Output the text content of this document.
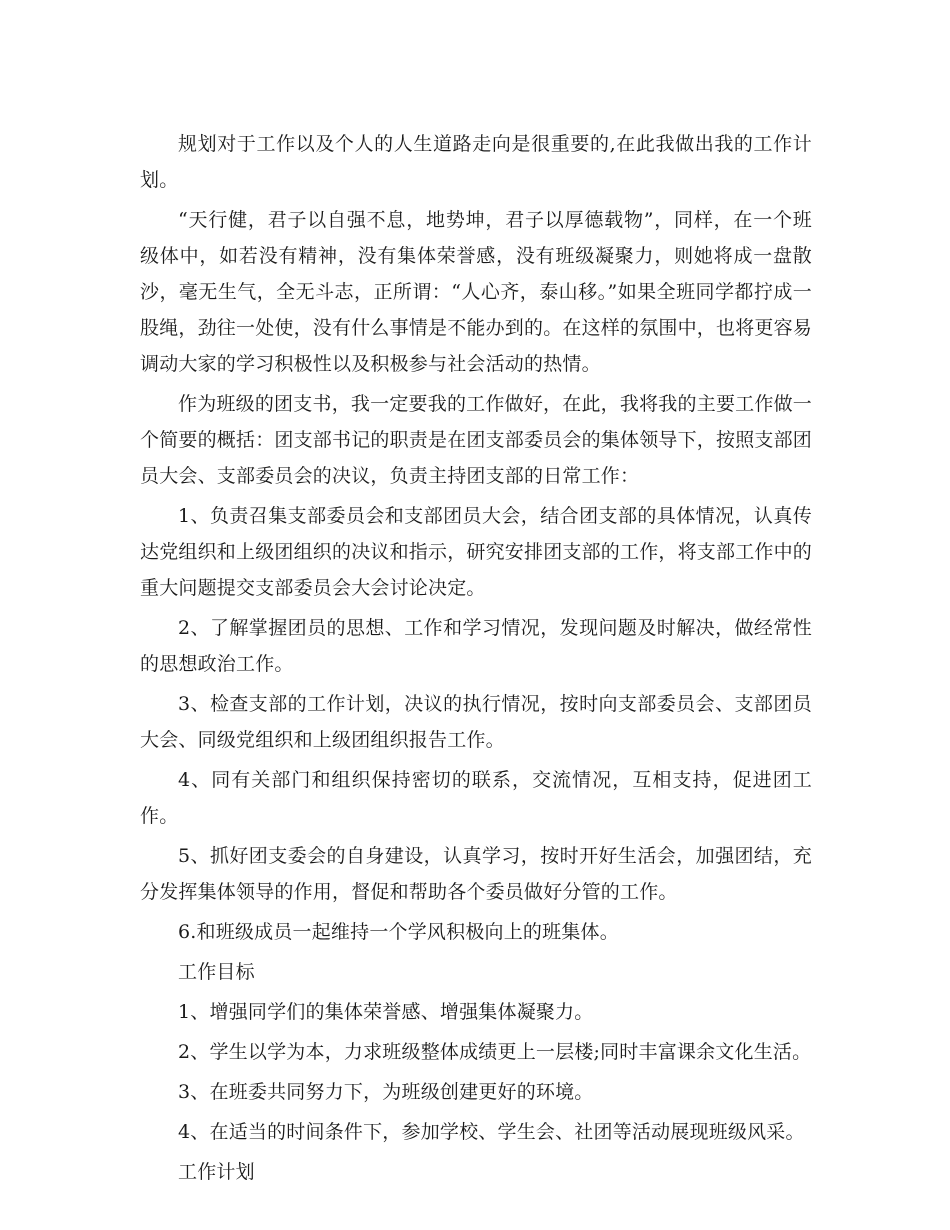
规划对于工作以及个人的人生道路走向是很重要的,在此我做出我的工作计划。

“天行健，君子以自强不息，地势坤，君子以厚德载物”，同样，在一个班级体中，如若没有精神，没有集体荣誉感，没有班级凝聚力，则她将成一盘散沙，毫无生气，全无斗志，正所谓：“人心齐，泰山移。”如果全班同学都拧成一股绳，劲往一处使，没有什么事情是不能办到的。在这样的氛围中，也将更容易调动大家的学习积极性以及积极参与社会活动的热情。

作为班级的团支书，我一定要我的工作做好，在此，我将我的主要工作做一个简要的概括：团支部书记的职责是在团支部委员会的集体领导下，按照支部团员大会、支部委员会的决议，负责主持团支部的日常工作：

1、负责召集支部委员会和支部团员大会，结合团支部的具体情况，认真传达党组织和上级团组织的决议和指示，研究安排团支部的工作，将支部工作中的重大问题提交支部委员会大会讨论决定。

2、了解掌握团员的思想、工作和学习情况，发现问题及时解决，做经常性的思想政治工作。

3、检查支部的工作计划，决议的执行情况，按时向支部委员会、支部团员大会、同级党组织和上级团组织报告工作。

4、同有关部门和组织保持密切的联系，交流情况，互相支持，促进团工作。

5、抓好团支委会的自身建设，认真学习，按时开好生活会，加强团结，充分发挥集体领导的作用，督促和帮助各个委员做好分管的工作。

6.和班级成员一起维持一个学风积极向上的班集体。

工作目标

1、增强同学们的集体荣誉感、增强集体凝聚力。

2、学生以学为本，力求班级整体成绩更上一层楼;同时丰富课余文化生活。

3、在班委共同努力下，为班级创建更好的环境。

4、在适当的时间条件下，参加学校、学生会、社团等活动展现班级风采。

工作计划
